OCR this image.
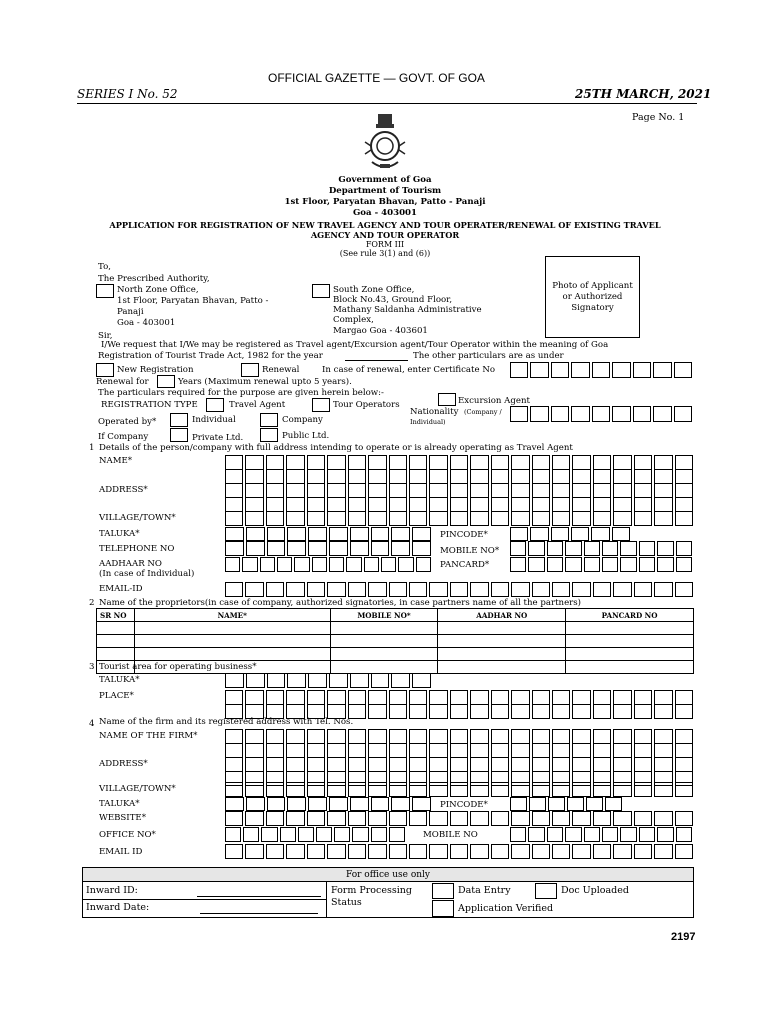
OFFICIAL GAZETTE — GOVT. OF GOA
SERIES I No. 52	25TH MARCH, 2021
Page No. 1
Government of Goa
Department of Tourism
1st Floor, Paryatan Bhavan, Patto - Panaji
Goa - 403001
APPLICATION FOR REGISTRATION OF NEW TRAVEL AGENCY AND TOUR OPERATER/RENEWAL OF EXISTING TRAVEL
AGENCY AND TOUR OPERATOR
FORM III
(See rule 3(1) and (6))
To,
The Prescribed Authority,
North Zone Office,
1st Floor, Paryatan Bhavan, Patto -
Panaji
Goa - 403001
South Zone Office,
Block No.43, Ground Floor,
Mathany Saldanha Administrative
Complex,
Margao Goa - 403601
Photo of Applicant
or Authorized
Signatory
Sir,
I/We request that I/We may be registered as Travel agent/Excursion agent/Tour Operator within the meaning of Goa
Registration of Tourist Trade Act, 1982 for the year	The other particulars are as under
New Registration	Renewal	In case of renewal, enter Certificate No
Renewal for	Years (Maximum renewal upto 5 years).
The particulars required for the purpose are given herein below:-
REGISTRATION TYPE	Travel Agent	Tour Operators	Excursion Agent
Nationality (Company /
Individual)
Operated by*	Individual	Company
If Company	Private Ltd.	Public Ltd.
1 Details of the person/company with full address intending to operate or is already operating as Travel Agent
NAME*
ADDRESS*
VILLAGE/TOWN*
TALUKA*	PINCODE*
TELEPHONE NO	MOBILE NO*
AADHAAR NO
(In case of Individual)
PANCARD*
EMAIL-ID
2 Name of the proprietors(in case of company, authorized signatories, in case partners name of all the partners)
SR NO	NAME*	MOBILE NO*	AADHAR NO	PANCARD NO

3 Tourist area for operating business*
TALUKA*
PLACE*
4 Name of the firm and its registered address with Tel. Nos.
NAME OF THE FIRM*
ADDRESS*
VILLAGE/TOWN*
TALUKA*	PINCODE*
WEBSITE*
OFFICE NO*	MOBILE NO
EMAIL ID
For office use only
Inward ID:
Inward Date:
Form Processing
Status
Data Entry	Doc Uploaded
Application Verified
2197
